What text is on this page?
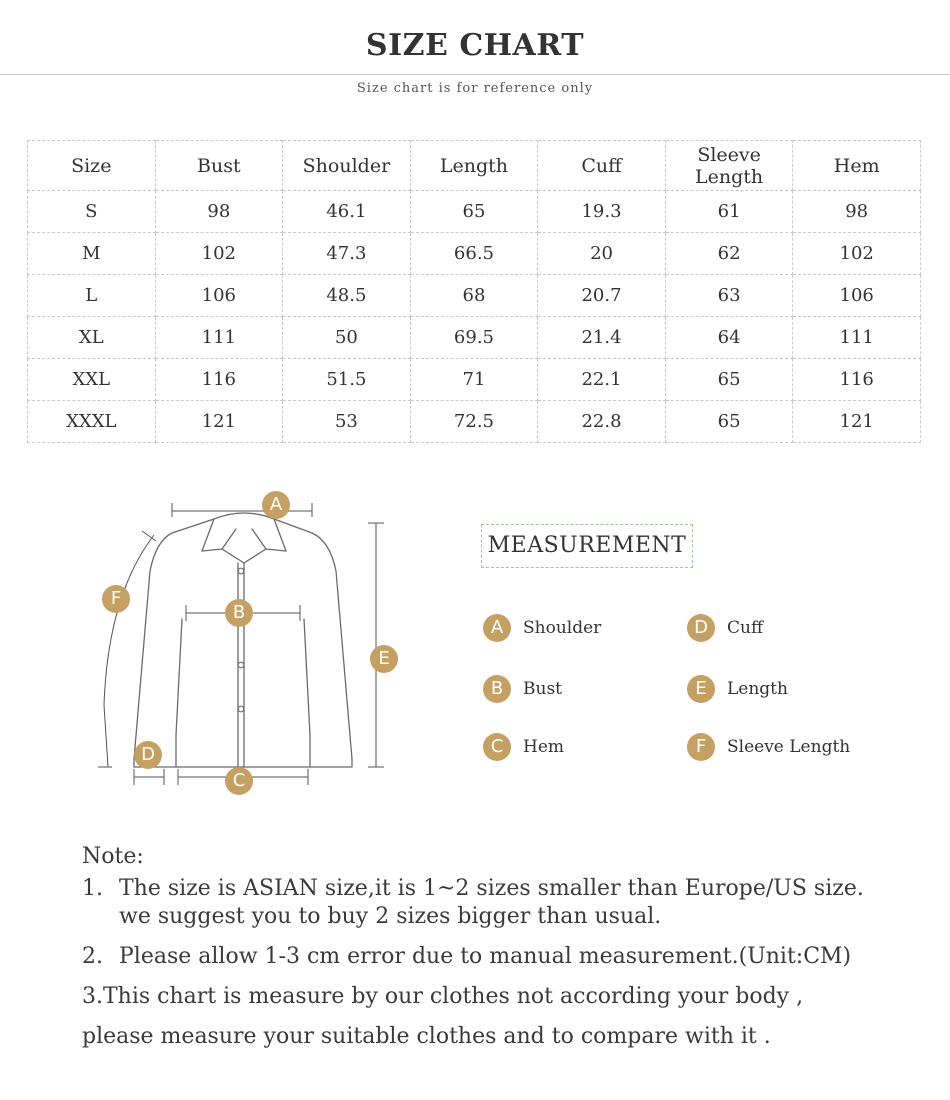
SIZE CHART
Size chart is for reference only
Size	Bust	Shoulder	Length	Cuff	Sleeve Length	Hem
S	98	46.1	65	19.3	61	98
M	102	47.3	66.5	20	62	102
L	106	48.5	68	20.7	63	106
XL	111	50	69.5	21.4	64	111
XXL	116	51.5	71	22.1	65	116
XXXL	121	53	72.5	22.8	65	121
A
B
C
D
E
F
MEASUREMENT
A	Shoulder
B	Bust
C	Hem
D	Cuff
E	Length
F	Sleeve Length
Note:
1. The size is ASIAN size,it is 1~2 sizes smaller than Europe/US size.
we suggest you to buy 2 sizes bigger than usual.
2. Please allow 1-3 cm error due to manual measurement.(Unit:CM)
3.This chart is measure by our clothes not according your body ,
please measure your suitable clothes and to compare with it .
